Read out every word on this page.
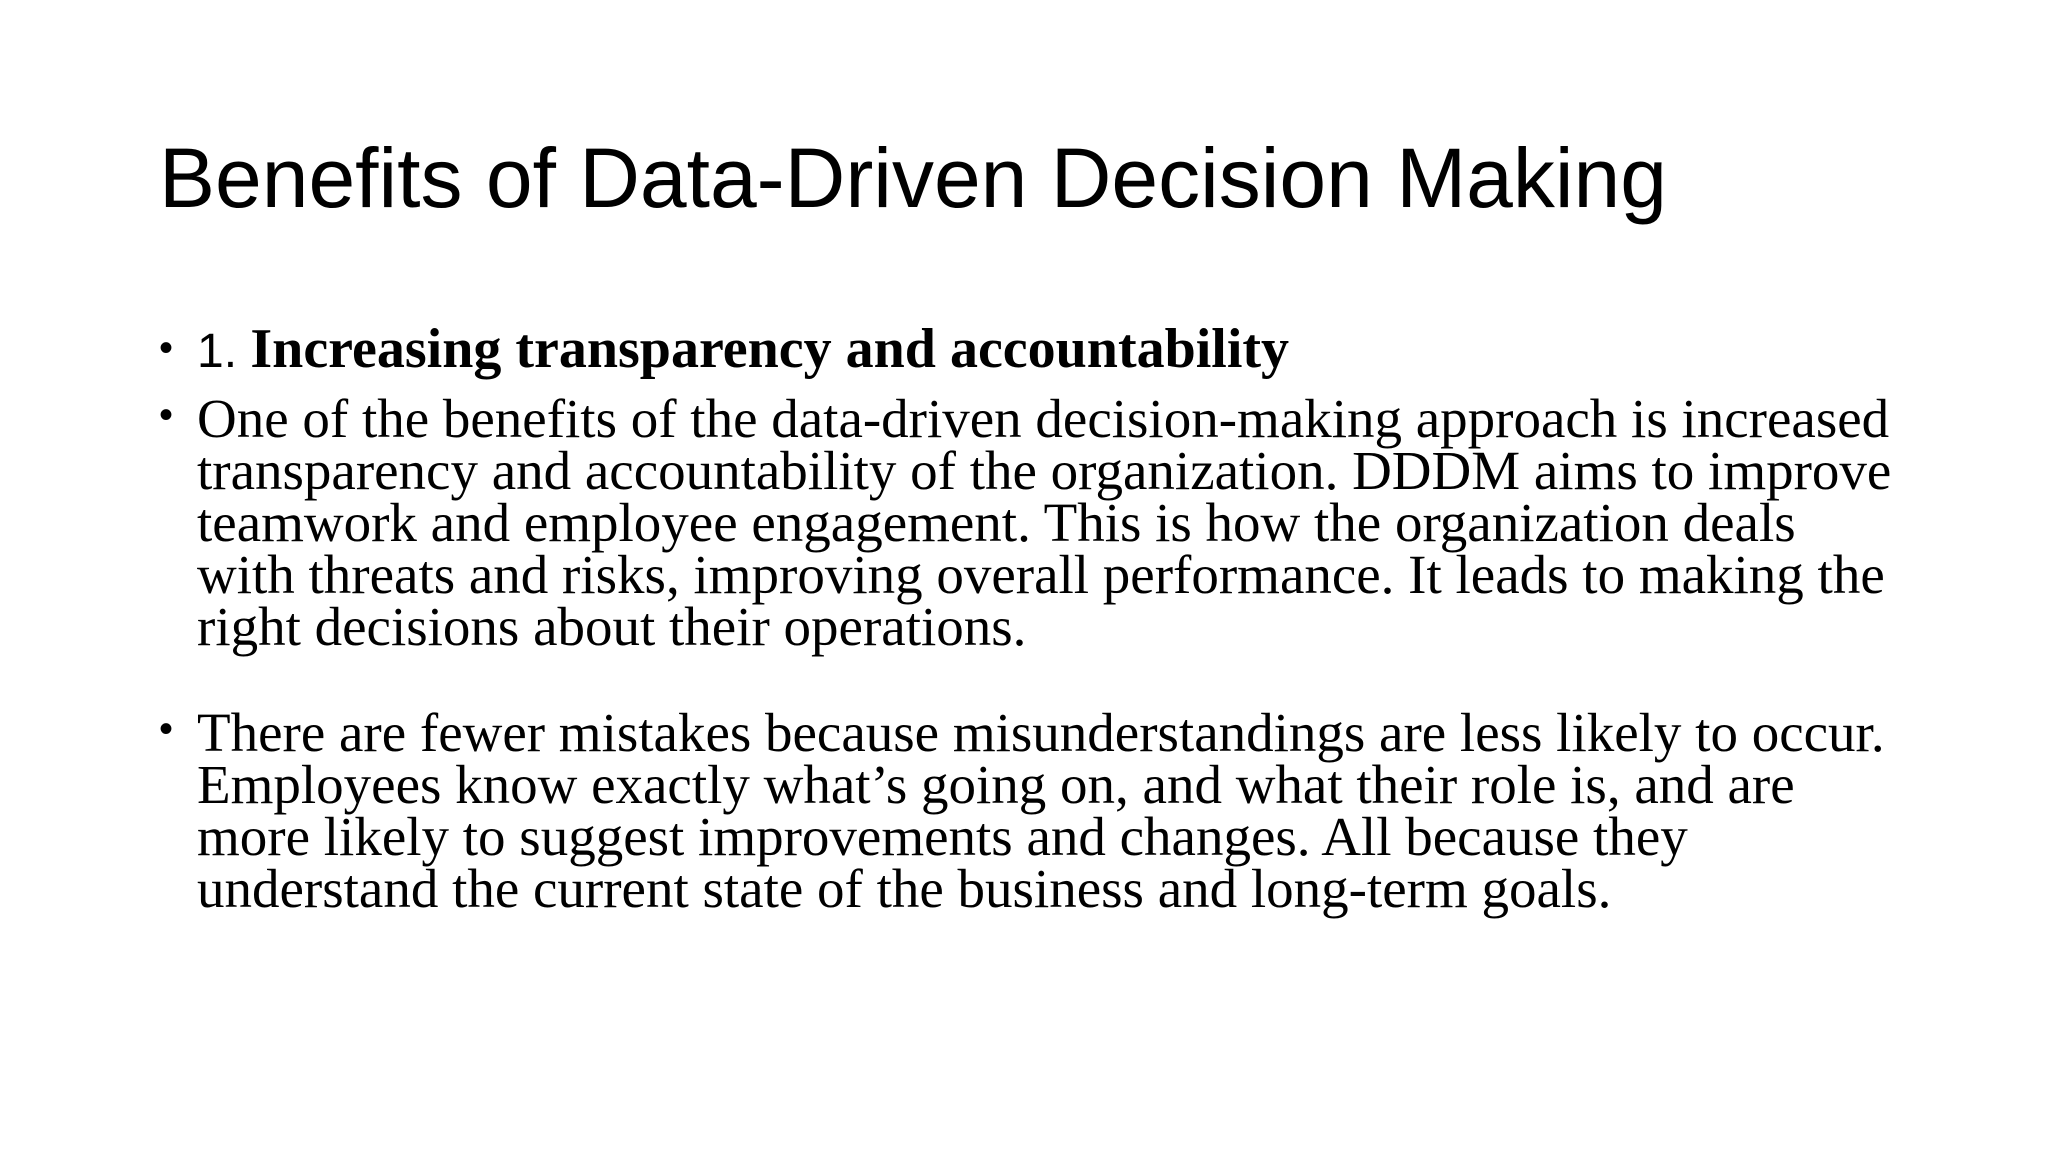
Benefits of Data-Driven Decision Making
• 1. Increasing transparency and accountability
• One of the benefits of the data-driven decision-making approach is increased transparency and accountability of the organization. DDDM aims to improve teamwork and employee engagement. This is how the organization deals with threats and risks, improving overall performance. It leads to making the right decisions about their operations.
• There are fewer mistakes because misunderstandings are less likely to occur. Employees know exactly what’s going on, and what their role is, and are more likely to suggest improvements and changes. All because they understand the current state of the business and long-term goals.
